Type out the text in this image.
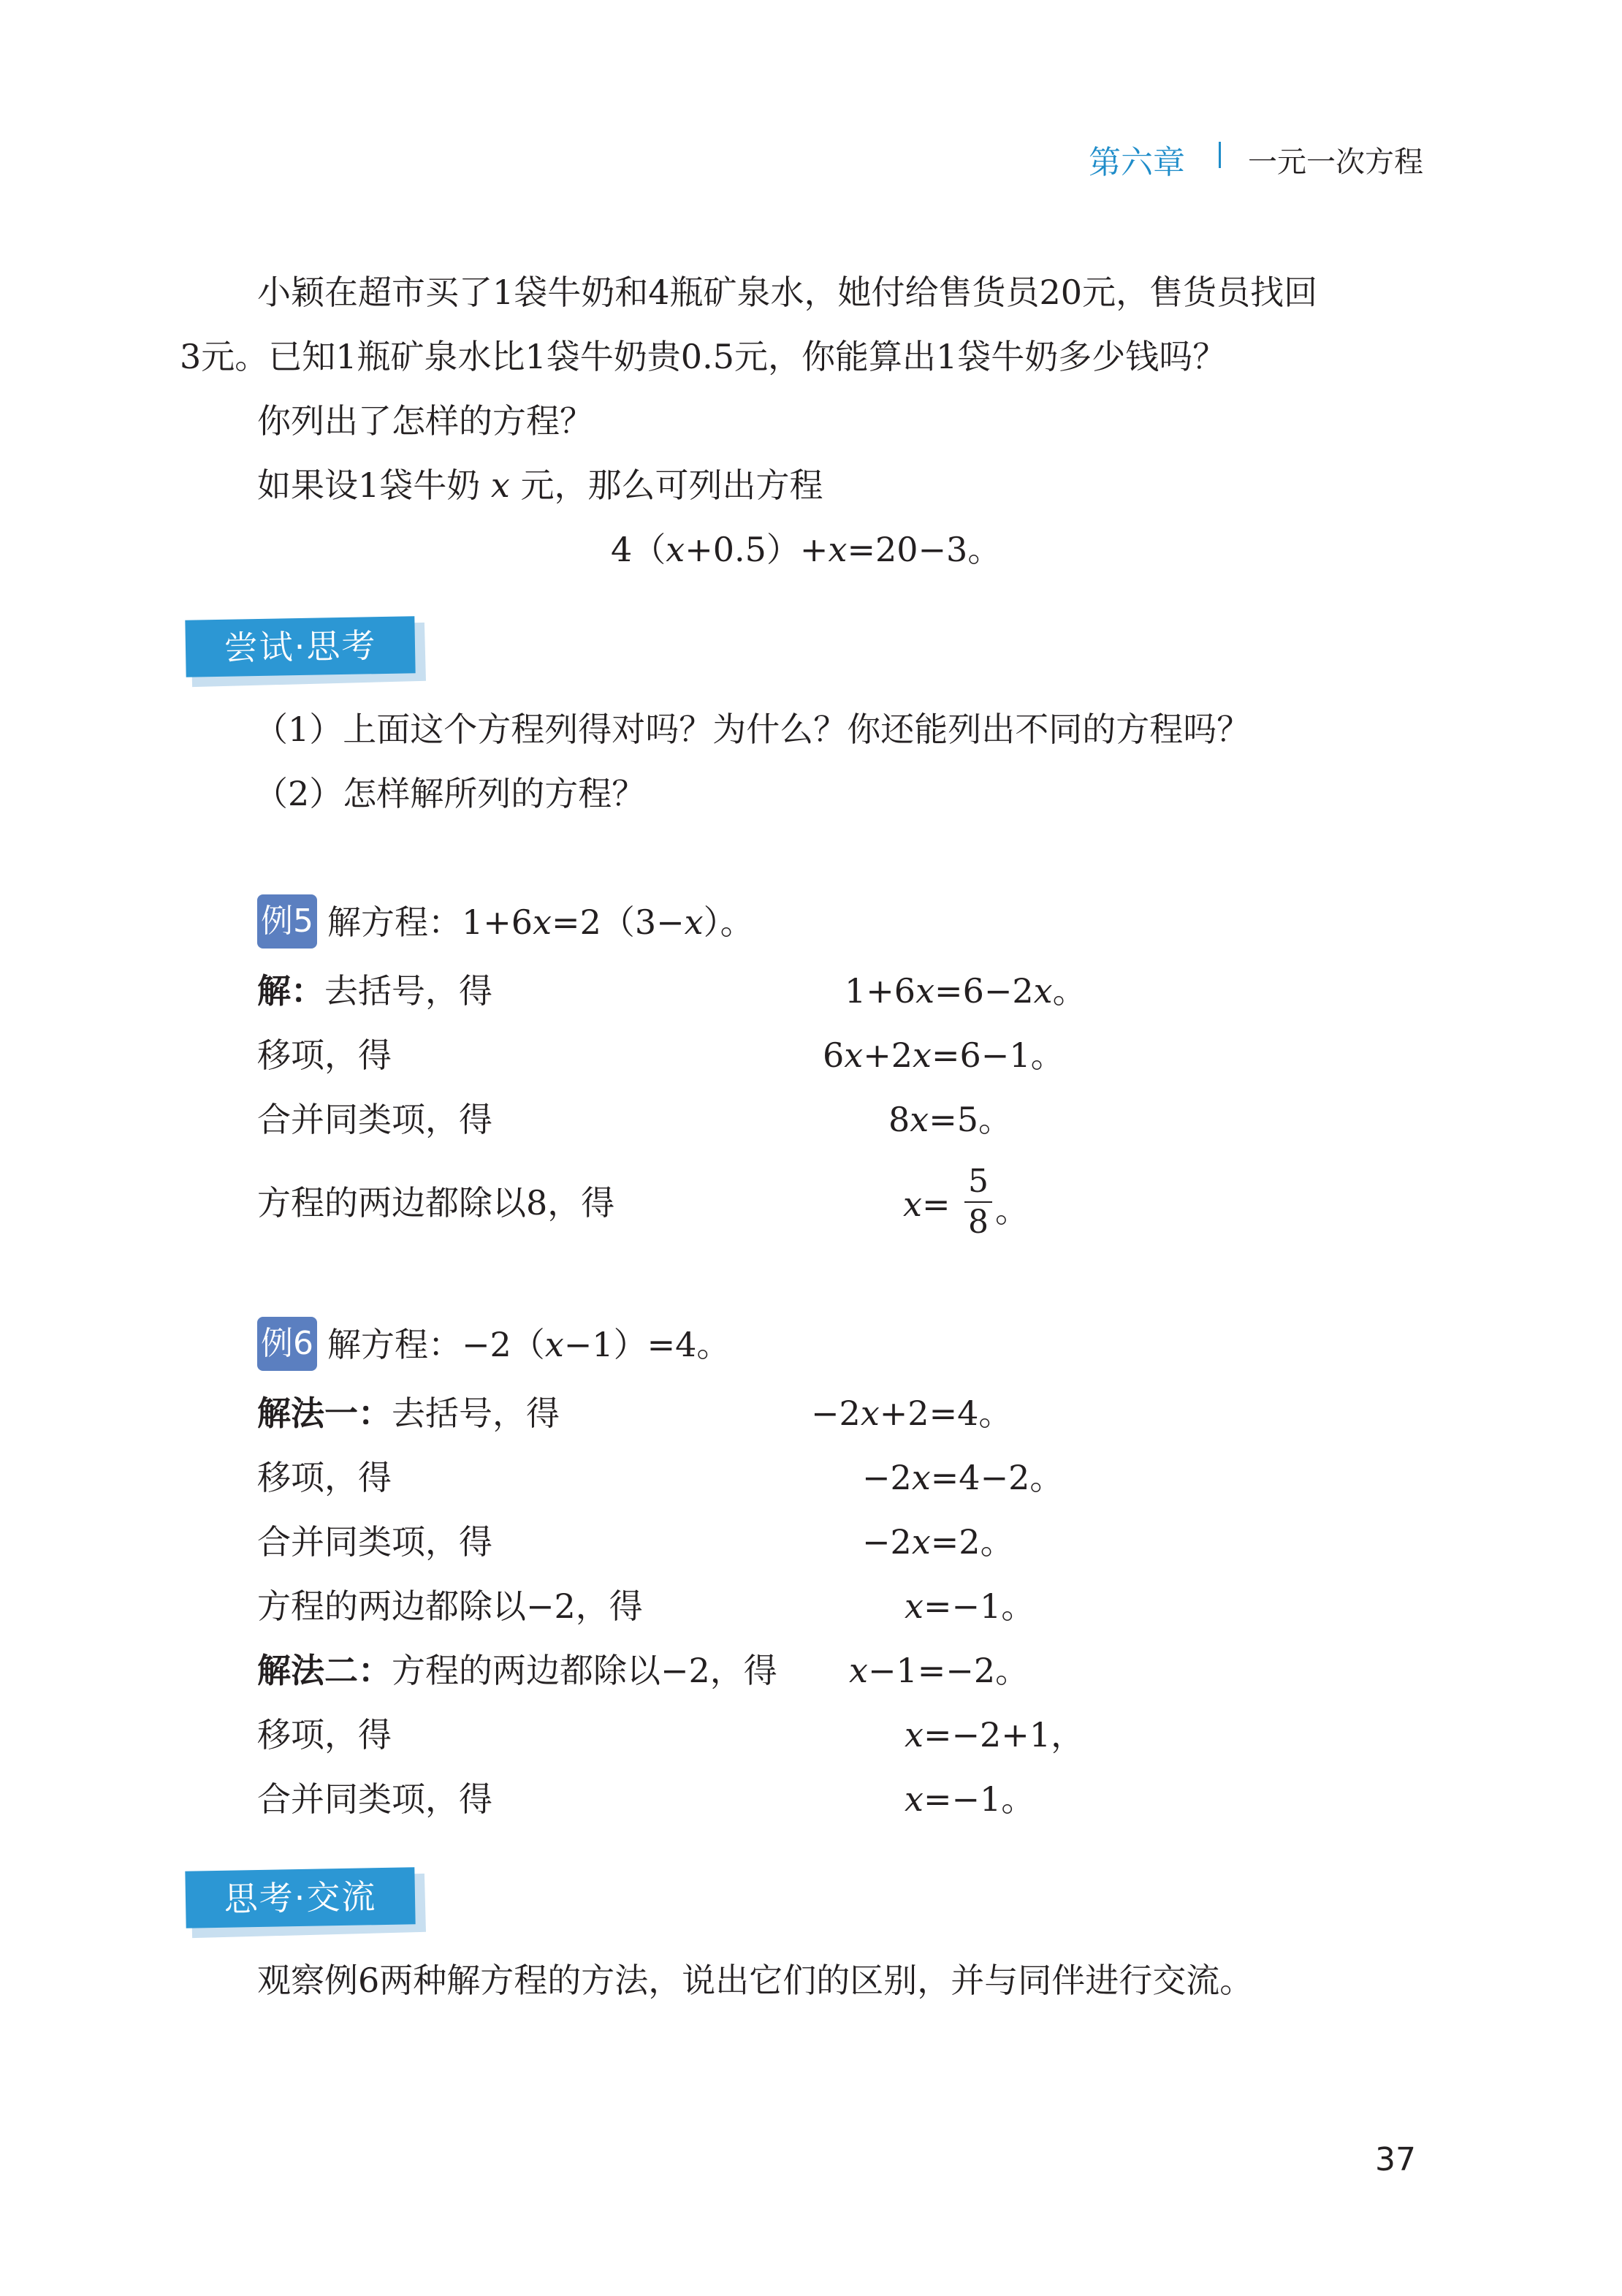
第六章 一元一次方程
小颖在超市买了1袋牛奶和4瓶矿泉水，她付给售货员20元，售货员找回
3元。已知1瓶矿泉水比1袋牛奶贵0.5元，你能算出1袋牛奶多少钱吗？
你列出了怎样的方程？
如果设1袋牛奶 x 元，那么可列出方程
4（x+0.5）+x=20−3。
尝试·思考
（1）上面这个方程列得对吗？为什么？你还能列出不同的方程吗？
（2）怎样解所列的方程？
例5 解方程：1+6x=2（3−x）。
解：去括号，得	1+6x=6−2x。
移项，得	6x+2x=6−1。
合并同类项，得	8x=5。
方程的两边都除以8，得	x=
5
8 。
例6 解方程：−2（x−1）=4。
解法一：去括号，得	−2x+2=4。
移项，得	−2x=4−2。
合并同类项，得	−2x=2。
方程的两边都除以−2，得	x=−1。
解法二：方程的两边都除以−2，得 x−1=−2。
移项，得	x=−2+1，
合并同类项，得	x=−1。
思考·交流
观察例6两种解方程的方法，说出它们的区别，并与同伴进行交流。
37
